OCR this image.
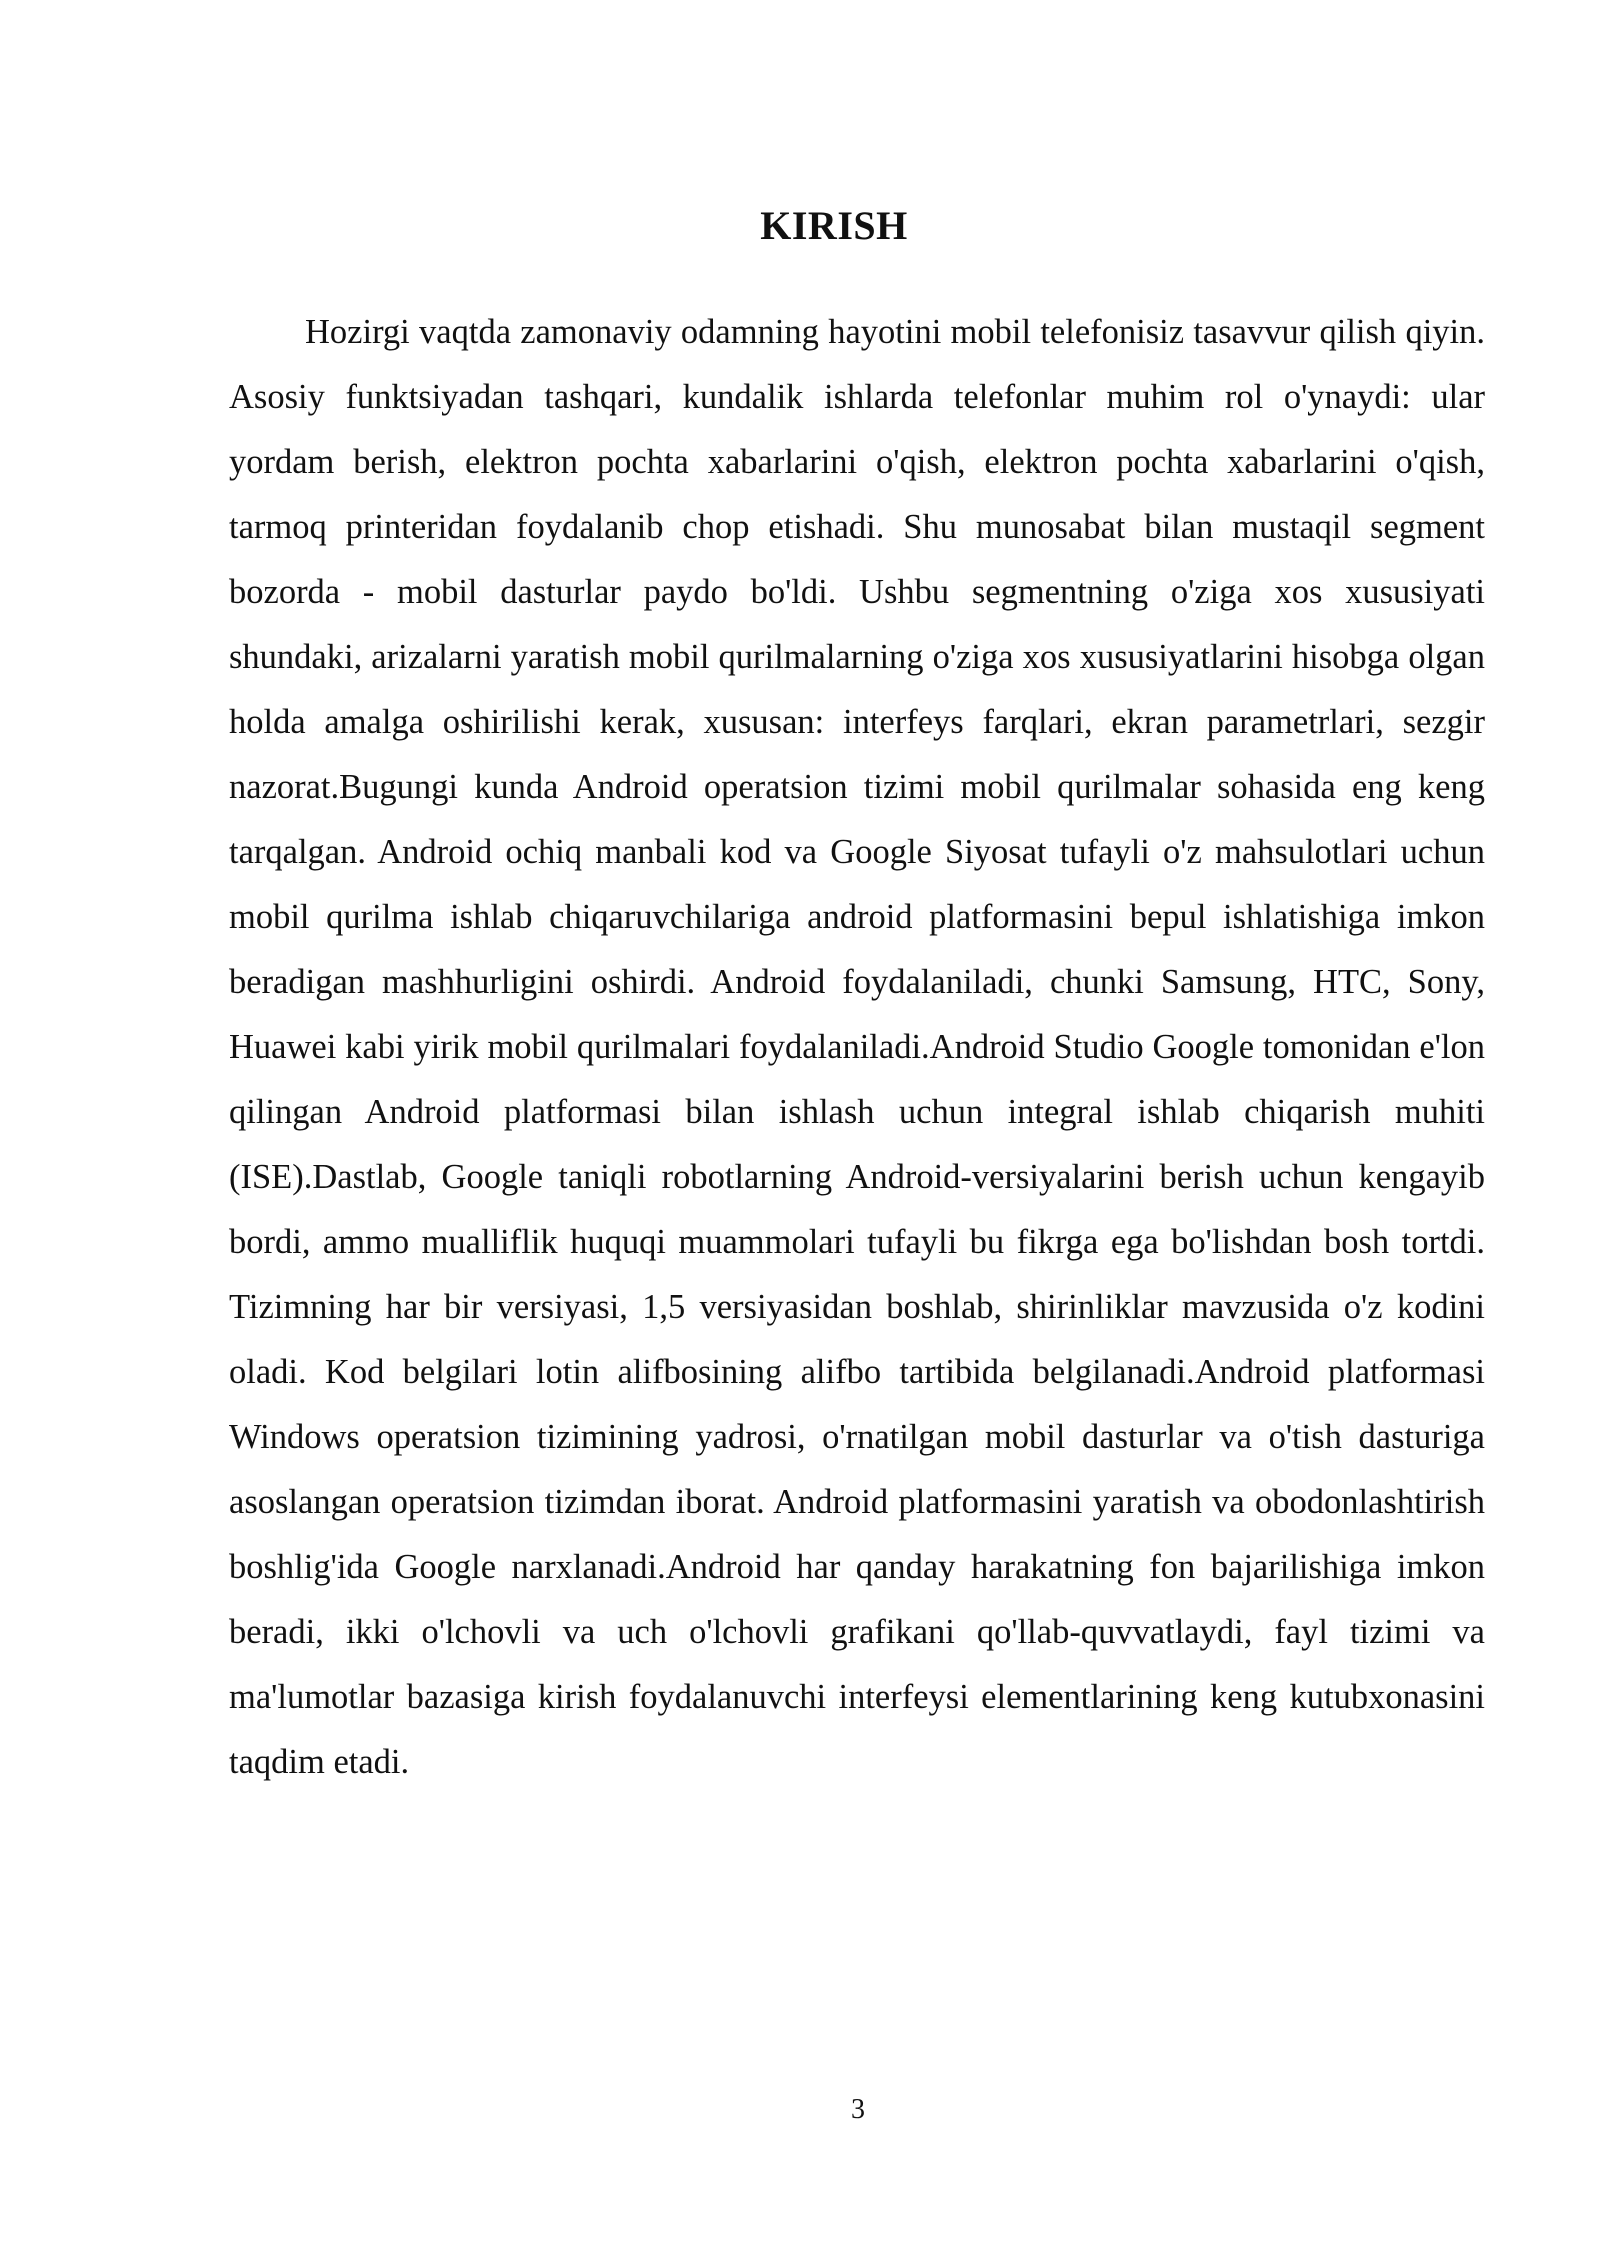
KIRISH

Hozirgi vaqtda zamonaviy odamning hayotini mobil telefonisiz tasavvur qilish qiyin. Asosiy funktsiyadan tashqari, kundalik ishlarda telefonlar muhim rol o'ynaydi: ular yordam berish, elektron pochta xabarlarini o'qish, elektron pochta xabarlarini o'qish, tarmoq printeridan foydalanib chop etishadi. Shu munosabat bilan mustaqil segment bozorda - mobil dasturlar paydo bo'ldi. Ushbu segmentning o'ziga xos xususiyati shundaki, arizalarni yaratish mobil qurilmalarning o'ziga xos xususiyatlarini hisobga olgan holda amalga oshirilishi kerak, xususan: interfeys farqlari, ekran parametrlari, sezgir nazorat.Bugungi kunda Android operatsion tizimi mobil qurilmalar sohasida eng keng tarqalgan. Android ochiq manbali kod va Google Siyosat tufayli o'z mahsulotlari uchun mobil qurilma ishlab chiqaruvchilariga android platformasini bepul ishlatishiga imkon beradigan mashhurligini oshirdi. Android foydalaniladi, chunki Samsung, HTC, Sony, Huawei kabi yirik mobil qurilmalari foydalaniladi.Android Studio Google tomonidan e'lon qilingan Android platformasi bilan ishlash uchun integral ishlab chiqarish muhiti (ISE).Dastlab, Google taniqli robotlarning Android-versiyalarini berish uchun kengayib bordi, ammo mualliflik huquqi muammolari tufayli bu fikrga ega bo'lishdan bosh tortdi. Tizimning har bir versiyasi, 1,5 versiyasidan boshlab, shirinliklar mavzusida o'z kodini oladi. Kod belgilari lotin alifbosining alifbo tartibida belgilanadi.Android platformasi Windows operatsion tizimining yadrosi, o'rnatilgan mobil dasturlar va o'tish dasturiga asoslangan operatsion tizimdan iborat. Android platformasini yaratish va obodonlashtirish boshlig'ida Google narxlanadi.Android har qanday harakatning fon bajarilishiga imkon beradi, ikki o'lchovli va uch o'lchovli grafikani qo'llab-quvvatlaydi, fayl tizimi va ma'lumotlar bazasiga kirish foydalanuvchi interfeysi elementlarining keng kutubxonasini taqdim etadi.

3
